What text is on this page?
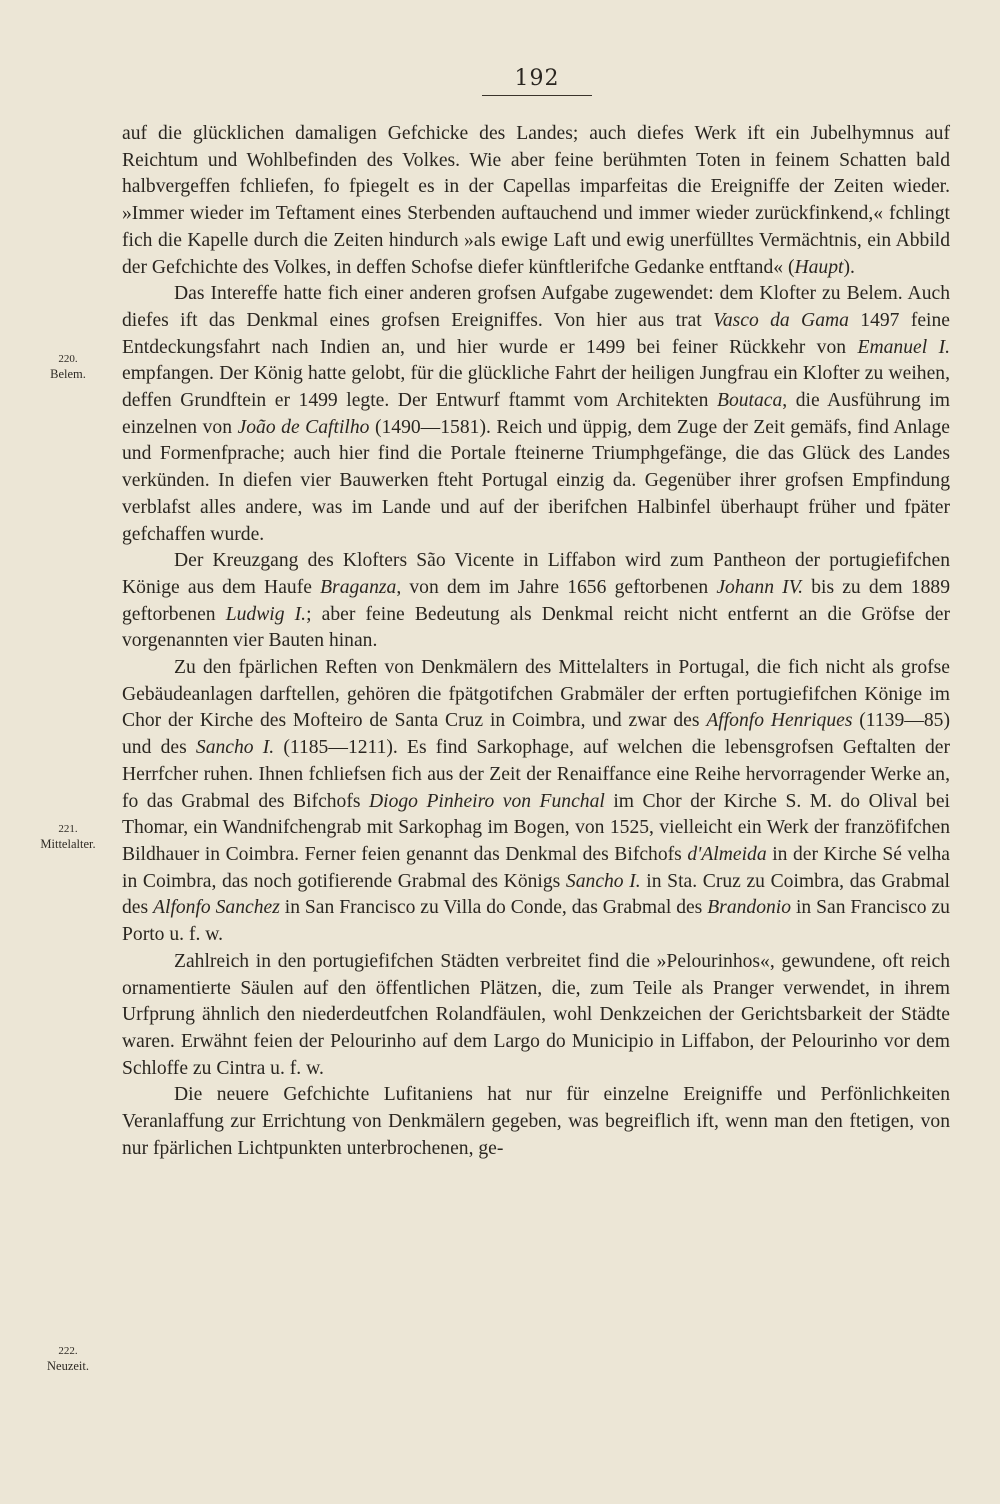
192
220.
Belem.
221.
Mittelalter.
222.
Neuzeit.

auf die glücklichen damaligen Gefchicke des Landes; auch diefes Werk ift ein Jubelhymnus auf Reichtum und Wohlbefinden des Volkes. Wie aber feine berühmten Toten in feinem Schatten bald halbvergeffen fchliefen, fo fpiegelt es in der Capellas imparfeitas die Ereigniffe der Zeiten wieder. »Immer wieder im Teftament eines Sterbenden auftauchend und immer wieder zurückfinkend,« fchlingt fich die Kapelle durch die Zeiten hindurch »als ewige Laft und ewig unerfülltes Vermächtnis, ein Abbild der Gefchichte des Volkes, in deffen Schofse diefer künftlerifche Gedanke entftand« (Haupt).

Das Intereffe hatte fich einer anderen grofsen Aufgabe zugewendet: dem Klofter zu Belem. Auch diefes ift das Denkmal eines grofsen Ereigniffes. Von hier aus trat Vasco da Gama 1497 feine Entdeckungsfahrt nach Indien an, und hier wurde er 1499 bei feiner Rückkehr von Emanuel I. empfangen. Der König hatte gelobt, für die glückliche Fahrt der heiligen Jungfrau ein Klofter zu weihen, deffen Grundftein er 1499 legte. Der Entwurf ftammt vom Architekten Boutaca, die Ausführung im einzelnen von João de Caftilho (1490—1581). Reich und üppig, dem Zuge der Zeit gemäfs, find Anlage und Formenfprache; auch hier find die Portale fteinerne Triumphgefänge, die das Glück des Landes verkünden. In diefen vier Bauwerken fteht Portugal einzig da. Gegenüber ihrer grofsen Empfindung verblafst alles andere, was im Lande und auf der iberifchen Halbinfel überhaupt früher und fpäter gefchaffen wurde.

Der Kreuzgang des Klofters São Vicente in Liffabon wird zum Pantheon der portugiefifchen Könige aus dem Haufe Braganza, von dem im Jahre 1656 geftorbenen Johann IV. bis zu dem 1889 geftorbenen Ludwig I.; aber feine Bedeutung als Denkmal reicht nicht entfernt an die Gröfse der vorgenannten vier Bauten hinan.

Zu den fpärlichen Reften von Denkmälern des Mittelalters in Portugal, die fich nicht als grofse Gebäudeanlagen darftellen, gehören die fpätgotifchen Grabmäler der erften portugiefifchen Könige im Chor der Kirche des Mofteiro de Santa Cruz in Coimbra, und zwar des Affonfo Henriques (1139—85) und des Sancho I. (1185—1211). Es find Sarkophage, auf welchen die lebensgrofsen Geftalten der Herrfcher ruhen. Ihnen fchliefsen fich aus der Zeit der Renaiffance eine Reihe hervorragender Werke an, fo das Grabmal des Bifchofs Diogo Pinheiro von Funchal im Chor der Kirche S. M. do Olival bei Thomar, ein Wandnifchengrab mit Sarkophag im Bogen, von 1525, vielleicht ein Werk der franzöfifchen Bildhauer in Coimbra. Ferner feien genannt das Denkmal des Bifchofs d'Almeida in der Kirche Sé velha in Coimbra, das noch gotifierende Grabmal des Königs Sancho I. in Sta. Cruz zu Coimbra, das Grabmal des Alfonfo Sanchez in San Francisco zu Villa do Conde, das Grabmal des Brandonio in San Francisco zu Porto u. f. w.

Zahlreich in den portugiefifchen Städten verbreitet find die »Pelourinhos«, gewundene, oft reich ornamentierte Säulen auf den öffentlichen Plätzen, die, zum Teile als Pranger verwendet, in ihrem Urfprung ähnlich den niederdeutfchen Rolandfäulen, wohl Denkzeichen der Gerichtsbarkeit der Städte waren. Erwähnt feien der Pelourinho auf dem Largo do Municipio in Liffabon, der Pelourinho vor dem Schloffe zu Cintra u. f. w.

Die neuere Gefchichte Lufitaniens hat nur für einzelne Ereigniffe und Perfönlichkeiten Veranlaffung zur Errichtung von Denkmälern gegeben, was begreiflich ift, wenn man den ftetigen, von nur fpärlichen Lichtpunkten unterbrochenen, ge-
